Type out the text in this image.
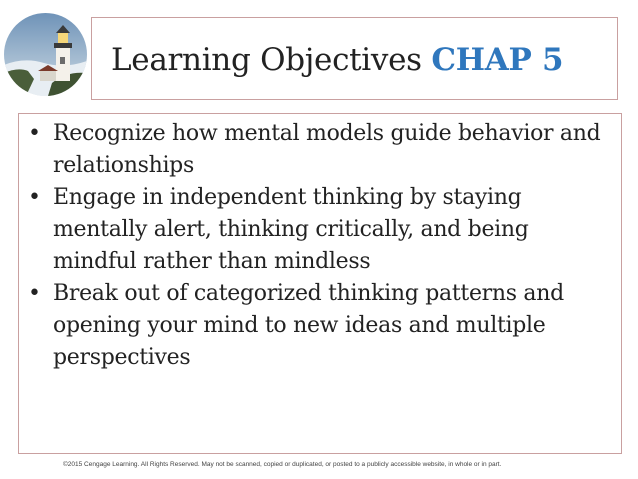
Learning Objectives CHAP 5
• Recognize how mental models guide behavior and relationships
• Engage in independent thinking by staying mentally alert, thinking critically, and being mindful rather than mindless
• Break out of categorized thinking patterns and opening your mind to new ideas and multiple perspectives
©2015 Cengage Learning. All Rights Reserved. May not be scanned, copied or duplicated, or posted to a publicly accessible website, in whole or in part.
